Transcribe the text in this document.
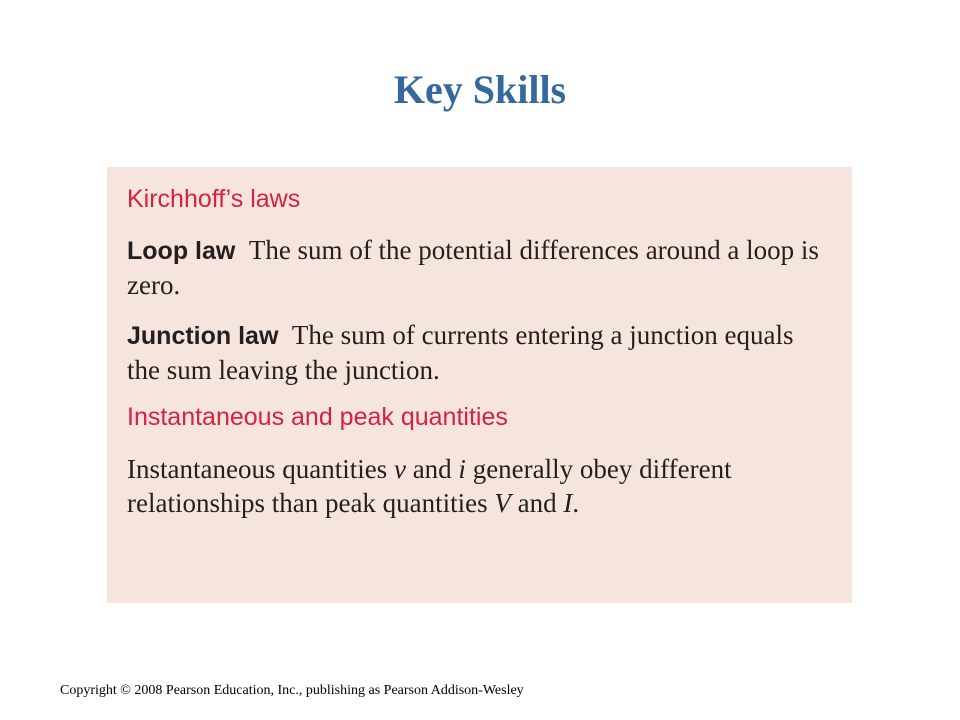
Key Skills
Kirchhoff’s laws
Loop law The sum of the potential differences around a loop is zero.
Junction law The sum of currents entering a junction equals the sum leaving the junction.
Instantaneous and peak quantities
Instantaneous quantities v and i generally obey different relationships than peak quantities V and I.
Copyright © 2008 Pearson Education, Inc., publishing as Pearson Addison-Wesley
